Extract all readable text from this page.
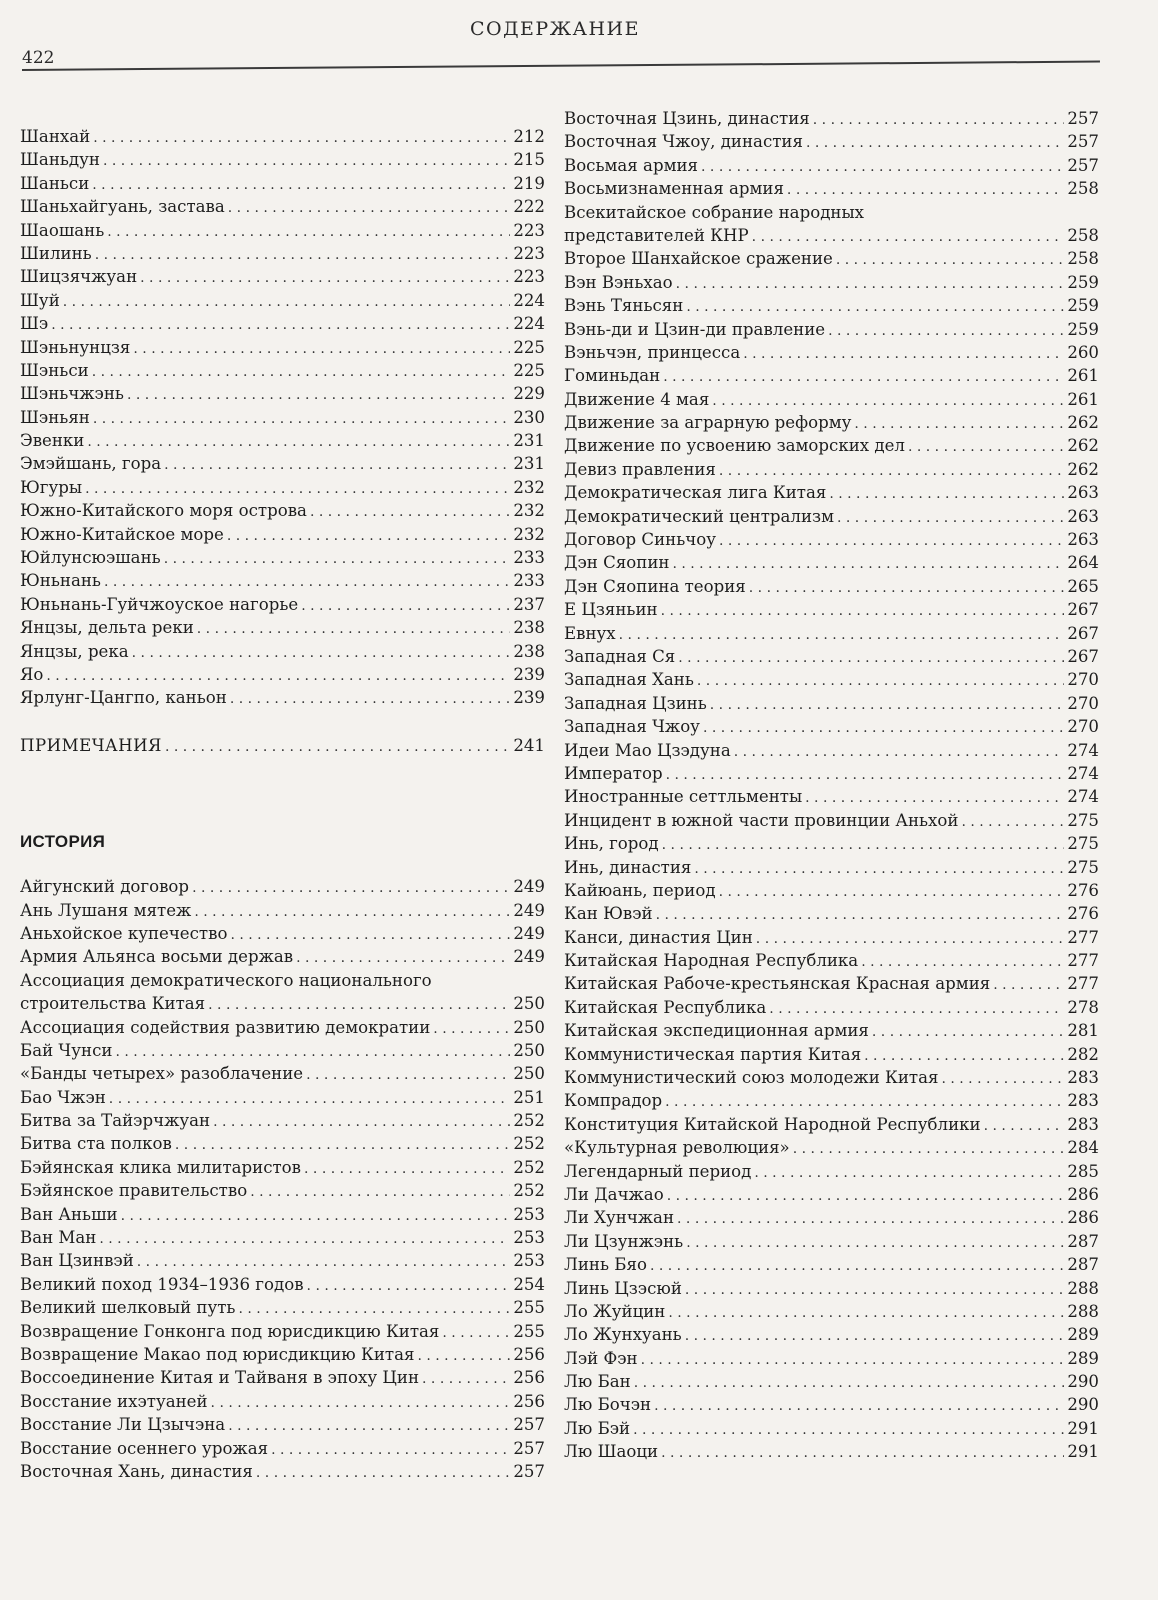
СОДЕРЖАНИЕ
422
Шанхай . . .	212
Шаньдун . . .	215
Шаньси . . .	219
Шаньхайгуань, застава . . .	222
Шаошань . . .	223
Шилинь . . .	223
Шицзячжуан . . .	223
Шуй . . .	224
Шэ . . .	224
Шэньнунцзя . . .	225
Шэньси . . .	225
Шэньчжэнь . . .	229
Шэньян . . .	230
Эвенки . . .	231
Эмэйшань, гора . . .	231
Югуры . . .	232
Южно-Китайского моря острова . . .	232
Южно-Китайское море . . .	232
Юйлунсюэшань . . .	233
Юньнань . . .	233
Юньнань-Гуйчжоуское нагорье . . .	237
Янцзы, дельта реки . . .	238
Янцзы, река . . .	238
Яо . . .	239
Ярлунг-Цангпо, каньон . . .	239
ПРИМЕЧАНИЯ . . .	241
ИСТОРИЯ
Айгунский договор . . .	249
Ань Лушаня мятеж . . .	249
Аньхойское купечество . . .	249
Армия Альянса восьми держав . . .	249
Ассоциация демократического национального
строительства Китая . . .	250
Ассоциация содействия развитию демократии . . .	250
Бай Чунси . . .	250
«Банды четырех» разоблачение . . .	250
Бао Чжэн . . .	251
Битва за Тайэрчжуан . . .	252
Битва ста полков . . .	252
Бэйянская клика милитаристов . . .	252
Бэйянское правительство . . .	252
Ван Аньши . . .	253
Ван Ман . . .	253
Ван Цзинвэй . . .	253
Великий поход 1934–1936 годов . . .	254
Великий шелковый путь . . .	255
Возвращение Гонконга под юрисдикцию Китая . . .	255
Возвращение Макао под юрисдикцию Китая . . .	256
Воссоединение Китая и Тайваня в эпоху Цин . . .	256
Восстание ихэтуаней . . .	256
Восстание Ли Цзычэна . . .	257
Восстание осеннего урожая . . .	257
Восточная Хань, династия . . .	257
Восточная Цзинь, династия . . .	257
Восточная Чжоу, династия . . .	257
Восьмая армия . . .	257
Восьмизнаменная армия . . .	258
Всекитайское собрание народных
представителей КНР . . .	258
Второе Шанхайское сражение . . .	258
Вэн Вэньхао . . .	259
Вэнь Тяньсян . . .	259
Вэнь-ди и Цзин-ди правление . . .	259
Вэньчэн, принцесса . . .	260
Гоминьдан . . .	261
Движение 4 мая . . .	261
Движение за аграрную реформу . . .	262
Движение по усвоению заморских дел . . .	262
Девиз правления . . .	262
Демократическая лига Китая . . .	263
Демократический централизм . . .	263
Договор Синьчоу . . .	263
Дэн Сяопин . . .	264
Дэн Сяопина теория . . .	265
Е Цзяньин . . .	267
Евнух . . .	267
Западная Ся . . .	267
Западная Хань . . .	270
Западная Цзинь . . .	270
Западная Чжоу . . .	270
Идеи Мао Цзэдуна . . .	274
Император . . .	274
Иностранные сеттльменты . . .	274
Инцидент в южной части провинции Аньхой . . .	275
Инь, город . . .	275
Инь, династия . . .	275
Кайюань, период . . .	276
Кан Ювэй . . .	276
Канси, династия Цин . . .	277
Китайская Народная Республика . . .	277
Китайская Рабоче-крестьянская Красная армия . . .	277
Китайская Республика . . .	278
Китайская экспедиционная армия . . .	281
Коммунистическая партия Китая . . .	282
Коммунистический союз молодежи Китая . . .	283
Компрадор . . .	283
Конституция Китайской Народной Республики . . .	283
«Культурная революция» . . .	284
Легендарный период . . .	285
Ли Дачжао . . .	286
Ли Хунчжан . . .	286
Ли Цзунжэнь . . .	287
Линь Бяо . . .	287
Линь Цзэсюй . . .	288
Ло Жуйцин . . .	288
Ло Жунхуань . . .	289
Лэй Фэн . . .	289
Лю Бан . . .	290
Лю Бочэн . . .	290
Лю Бэй . . .	291
Лю Шаоци . . .	291
